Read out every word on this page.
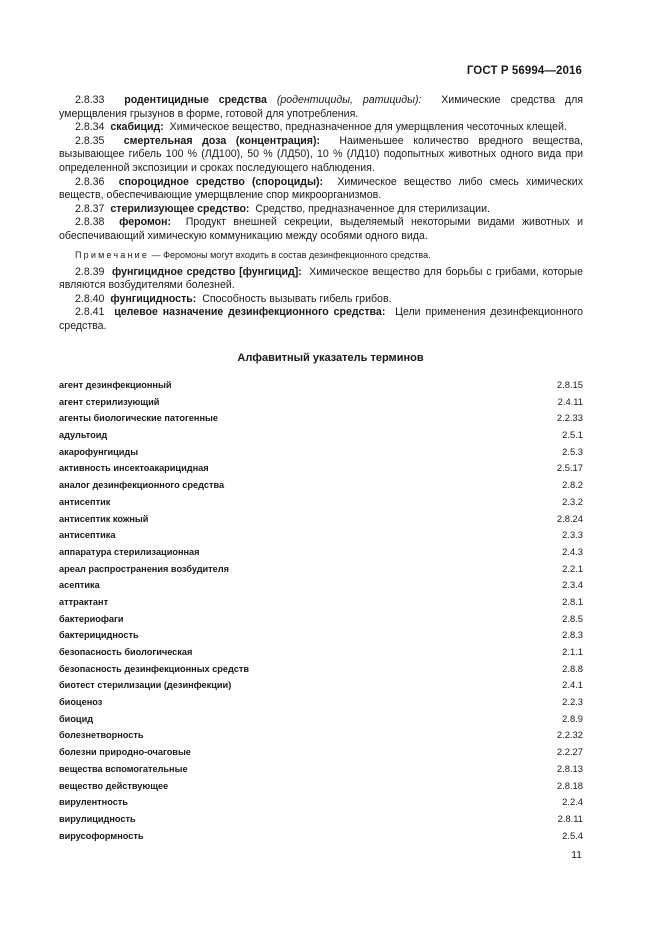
ГОСТ Р 56994—2016

2.8.33 родентицидные средства (родентициды, ратициды): Химические средства для умерщвления грызунов в форме, готовой для употребления.

2.8.34 скабицид: Химическое вещество, предназначенное для умерщвления чесоточных клещей.

2.8.35 смертельная доза (концентрация): Наименьшее количество вредного вещества, вызывающее гибель 100 % (ЛД100), 50 % (ЛД50), 10 % (ЛД10) подопытных животных одного вида при определенной экспозиции и сроках последующего наблюдения.

2.8.36 спороцидное средство (спороциды): Химическое вещество либо смесь химических веществ, обеспечивающие умерщвление спор микроорганизмов.

2.8.37 стерилизующее средство: Средство, предназначенное для стерилизации.

2.8.38 феромон: Продукт внешней секреции, выделяемый некоторыми видами животных и обеспечивающий химическую коммуникацию между особями одного вида.

Примечание — Феромоны могут входить в состав дезинфекционного средства.

2.8.39 фунгицидное средство [фунгицид]: Химическое вещество для борьбы с грибами, которые являются возбудителями болезней.

2.8.40 фунгицидность: Способность вызывать гибель грибов.

2.8.41 целевое назначение дезинфекционного средства: Цели применения дезинфекционного средства.

Алфавитный указатель терминов
агент дезинфекционный	2.8.15
агент стерилизующий	2.4.11
агенты биологические патогенные	2.2.33
адультоид	2.5.1
акарофунгициды	2.5.3
активность инсектоакарицидная	2.5.17
аналог дезинфекционного средства	2.8.2
антисептик	2.3.2
антисептик кожный	2.8.24
антисептика	2.3.3
аппаратура стерилизационная	2.4.3
ареал распространения возбудителя	2.2.1
асептика	2.3.4
аттрактант	2.8.1
бактериофаги	2.8.5
бактерицидность	2.8.3
безопасность биологическая	2.1.1
безопасность дезинфекционных средств	2.8.8
биотест стерилизации (дезинфекции)	2.4.1
биоценоз	2.2.3
биоцид	2.8.9
болезнетворность	2.2.32
болезни природно-очаговые	2.2.27
вещества вспомогательные	2.8.13
вещество действующее	2.8.18
вирулентность	2.2.4
вирулицидность	2.8.11
вирусоформность	2.5.4
11
